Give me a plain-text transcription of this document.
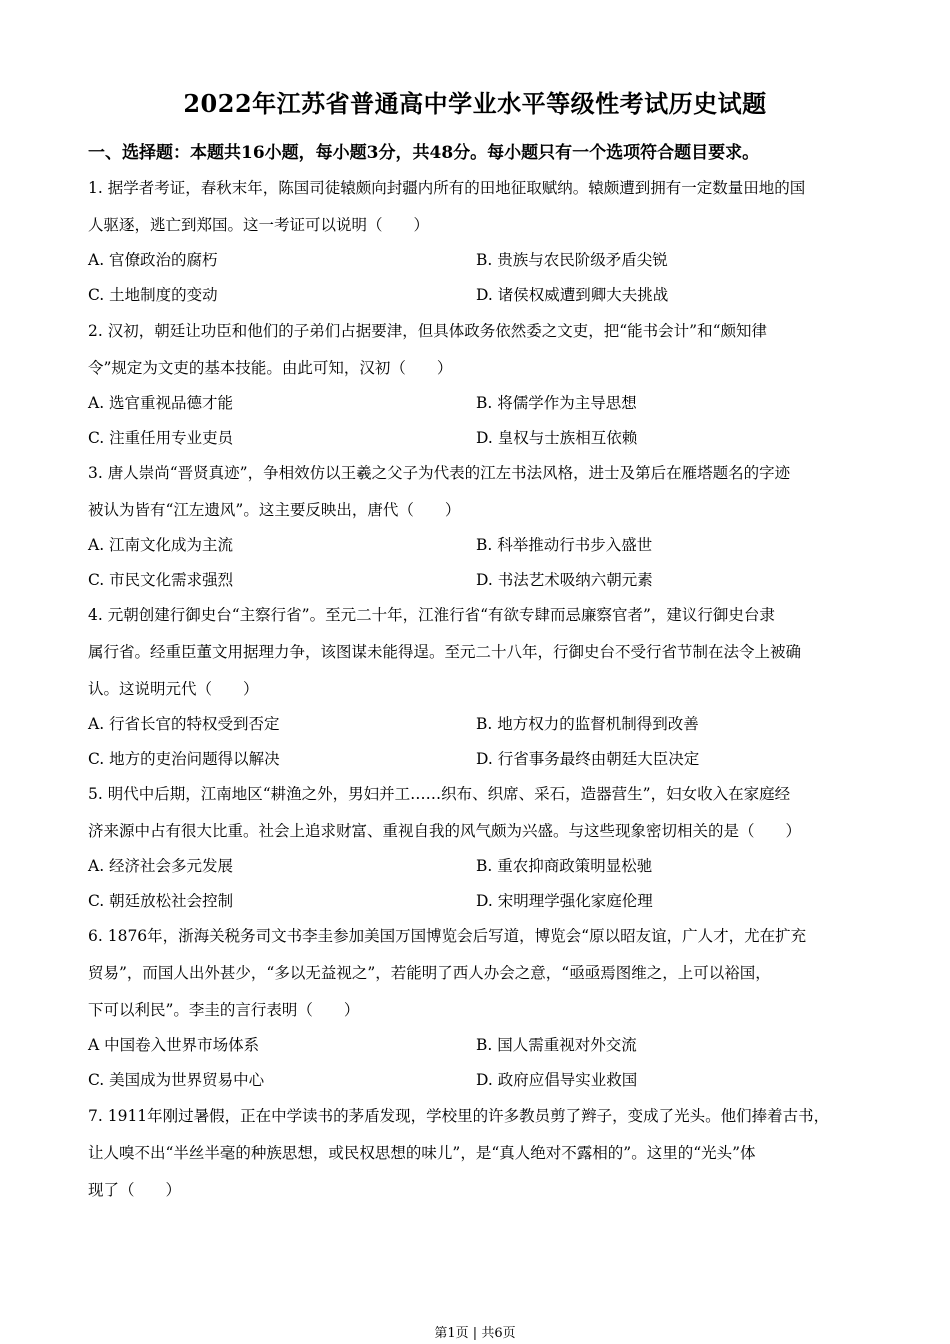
2022年江苏省普通高中学业水平等级性考试历史试题
一、选择题：本题共16小题，每小题3分，共48分。每小题只有一个选项符合题目要求。
1. 据学者考证，春秋末年，陈国司徒辕颇向封疆内所有的田地征取赋纳。辕颇遭到拥有一定数量田地的国
人驱逐，逃亡到郑国。这一考证可以说明（　　）
A. 官僚政治的腐朽	B. 贵族与农民阶级矛盾尖锐
C. 土地制度的变动	D. 诸侯权威遭到卿大夫挑战
2. 汉初，朝廷让功臣和他们的子弟们占据要津，但具体政务依然委之文吏，把“能书会计”和“颇知律
令”规定为文吏的基本技能。由此可知，汉初（　　）
A. 选官重视品德才能	B. 将儒学作为主导思想
C. 注重任用专业吏员	D. 皇权与士族相互依赖
3. 唐人崇尚“晋贤真迹”，争相效仿以王羲之父子为代表的江左书法风格，进士及第后在雁塔题名的字迹
被认为皆有“江左遗风”。这主要反映出，唐代（　　）
A. 江南文化成为主流	B. 科举推动行书步入盛世
C. 市民文化需求强烈	D. 书法艺术吸纳六朝元素
4. 元朝创建行御史台“主察行省”。至元二十年，江淮行省“有欲专肆而忌廉察官者”，建议行御史台隶
属行省。经重臣董文用据理力争，该图谋未能得逞。至元二十八年，行御史台不受行省节制在法令上被确
认。这说明元代（　　）
A. 行省长官的特权受到否定	B. 地方权力的监督机制得到改善
C. 地方的吏治问题得以解决	D. 行省事务最终由朝廷大臣决定
5. 明代中后期，江南地区“耕渔之外，男妇并工……织布、织席、采石，造器营生”，妇女收入在家庭经
济来源中占有很大比重。社会上追求财富、重视自我的风气颇为兴盛。与这些现象密切相关的是（　　）
A. 经济社会多元发展	B. 重农抑商政策明显松驰
C. 朝廷放松社会控制	D. 宋明理学强化家庭伦理
6. 1876年，浙海关税务司文书李圭参加美国万国博览会后写道，博览会“原以昭友谊，广人才，尤在扩充
贸易”，而国人出外甚少，“多以无益视之”，若能明了西人办会之意，“亟亟焉图维之，上可以裕国，
下可以利民”。李圭的言行表明（　　）
A 中国卷入世界市场体系	B. 国人需重视对外交流
C. 美国成为世界贸易中心	D. 政府应倡导实业救国
7. 1911年刚过暑假，正在中学读书的茅盾发现，学校里的许多教员剪了辫子，变成了光头。他们捧着古书，
让人嗅不出“半丝半毫的种族思想，或民权思想的味儿”，是“真人绝对不露相的”。这里的“光头”体
现了（　　）
第1页 | 共6页
